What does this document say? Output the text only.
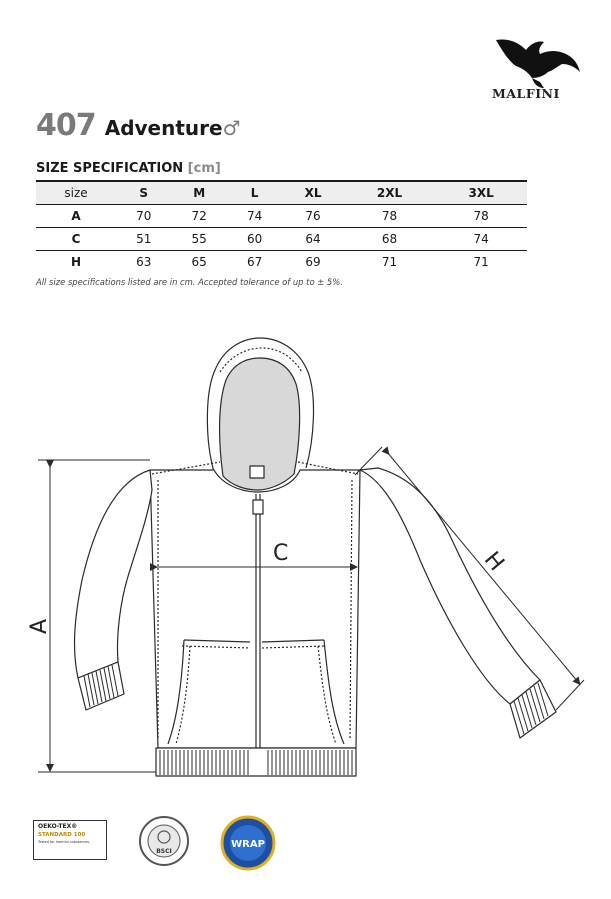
MALFINI
407 Adventure♂
SIZE SPECIFICATION [cm]
size	S	M	L	XL	2XL	3XL
A	70	72	74	76	78	78
C	51	55	60	64	68	74
H	63	65	67	69	71	71
All size specifications listed are in cm. Accepted tolerance of up to ± 5%.
A
C	H
OEKO-TEX®
STANDARD 100
Tested for harmful substances.
BSCI
WRAP
